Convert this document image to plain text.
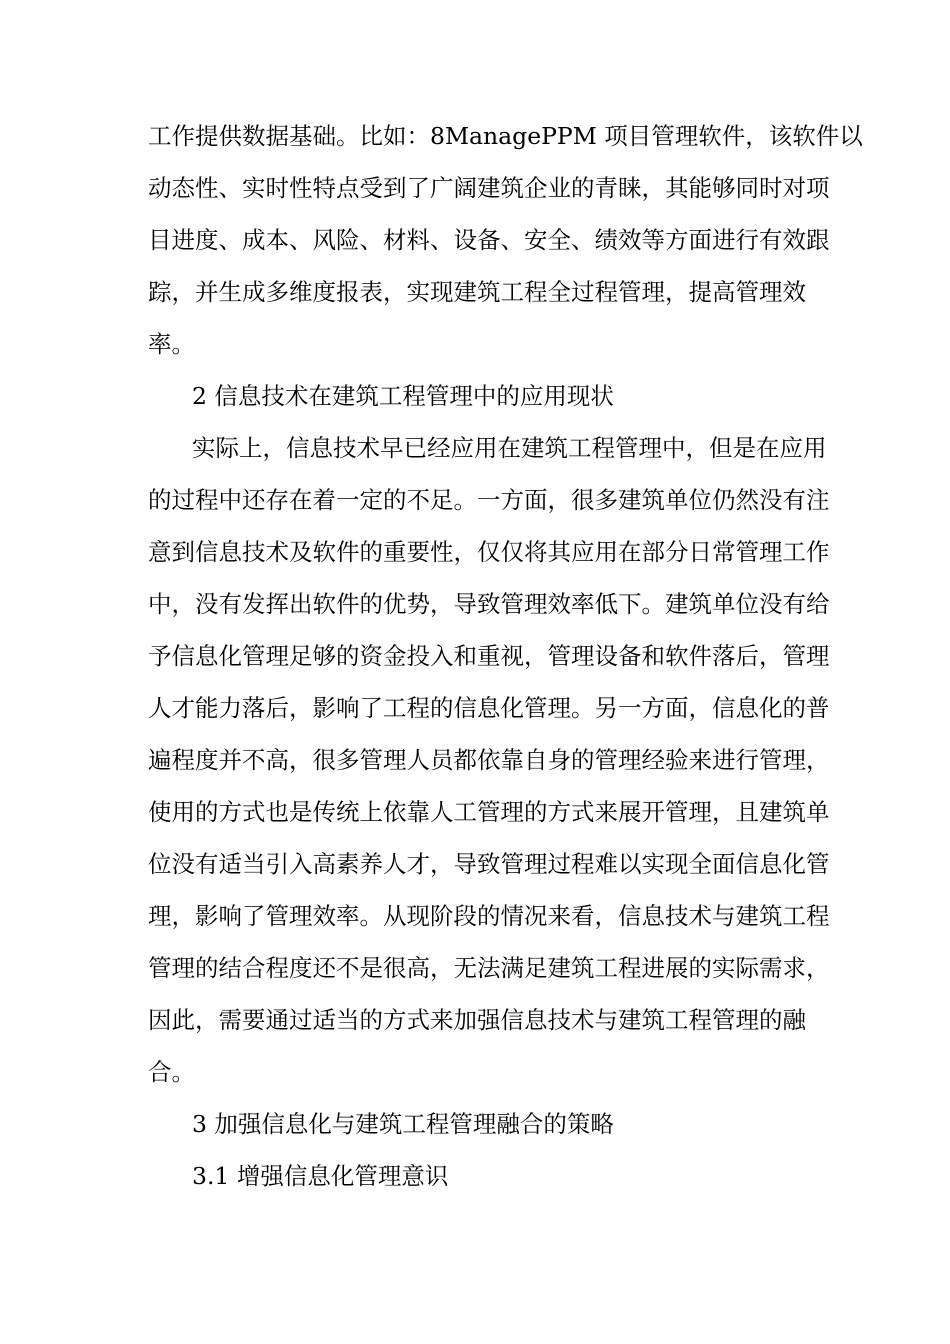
工作提供数据基础。比如：8ManagePPM 项目管理软件，该软件以
动态性、实时性特点受到了广阔建筑企业的青睐，其能够同时对项
目进度、成本、风险、材料、设备、安全、绩效等方面进行有效跟
踪，并生成多维度报表，实现建筑工程全过程管理，提高管理效
率。
2 信息技术在建筑工程管理中的应用现状
实际上，信息技术早已经应用在建筑工程管理中，但是在应用
的过程中还存在着一定的不足。一方面，很多建筑单位仍然没有注
意到信息技术及软件的重要性，仅仅将其应用在部分日常管理工作
中，没有发挥出软件的优势，导致管理效率低下。建筑单位没有给
予信息化管理足够的资金投入和重视，管理设备和软件落后，管理
人才能力落后，影响了工程的信息化管理。另一方面，信息化的普
遍程度并不高，很多管理人员都依靠自身的管理经验来进行管理，
使用的方式也是传统上依靠人工管理的方式来展开管理，且建筑单
位没有适当引入高素养人才，导致管理过程难以实现全面信息化管
理，影响了管理效率。从现阶段的情况来看，信息技术与建筑工程
管理的结合程度还不是很高，无法满足建筑工程进展的实际需求，
因此，需要通过适当的方式来加强信息技术与建筑工程管理的融
合。
3 加强信息化与建筑工程管理融合的策略
3.1 增强信息化管理意识
